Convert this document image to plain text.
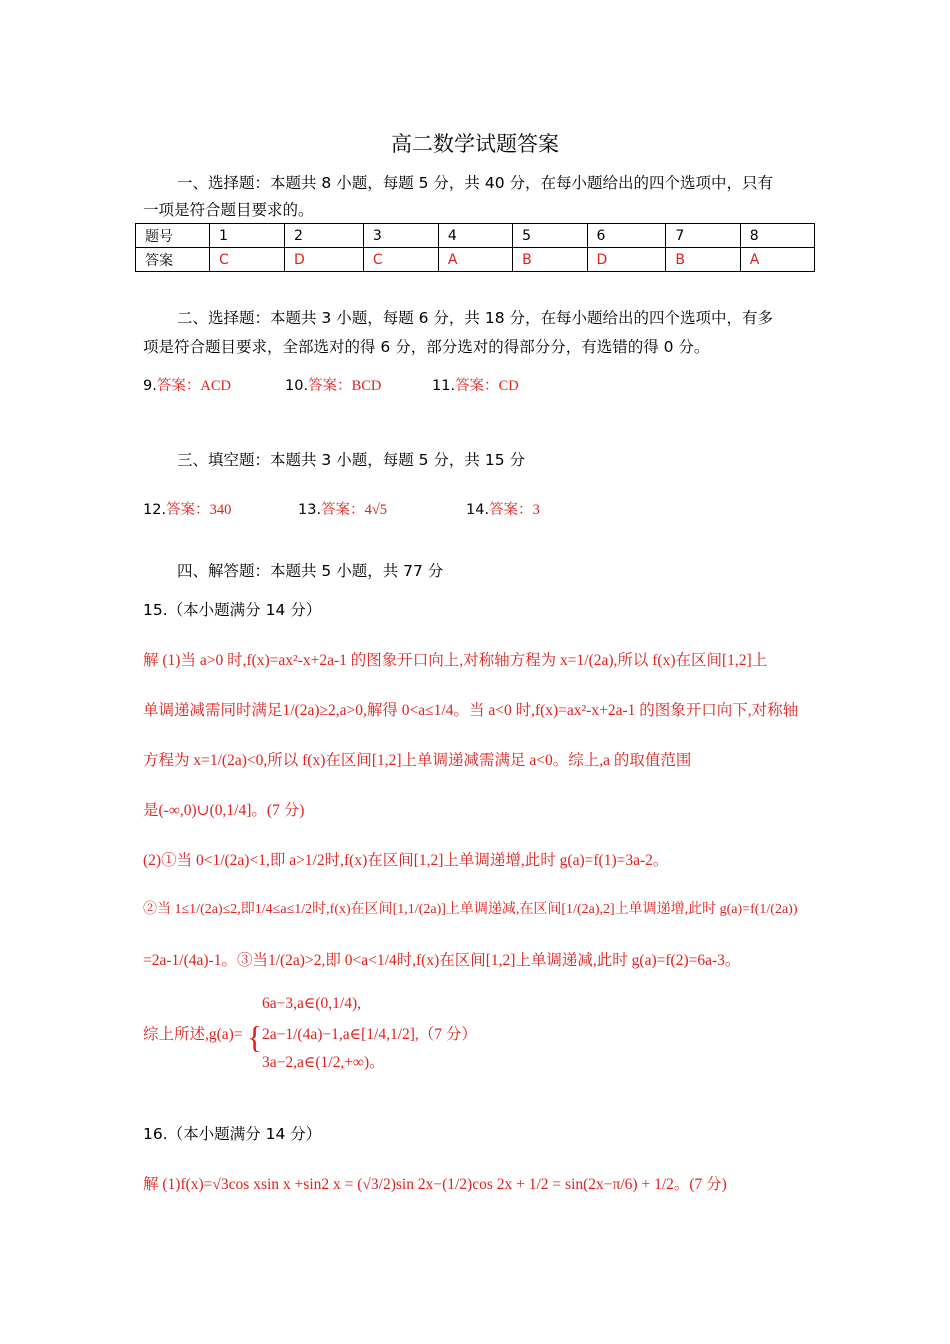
高二数学试题答案
一、选择题：本题共 8 小题，每题 5 分，共 40 分，在每小题给出的四个选项中，只有
一项是符合题目要求的。
题号	1	2	3	4	5	6	7	8
答案	C	D	C	A	B	D	B	A
二、选择题：本题共 3 小题，每题 6 分，共 18 分，在每小题给出的四个选项中，有多
项是符合题目要求，全部选对的得 6 分，部分选对的得部分分，有选错的得 0 分。
9.答案：ACD	10.答案：BCD	11.答案：CD
三、填空题：本题共 3 小题，每题 5 分，共 15 分
12.答案：340	13.答案：4√5	14.答案：3
四、解答题：本题共 5 小题，共 77 分
15.（本小题满分 14 分）
解 (1)当 a>0 时,f(x)=ax²-x+2a-1 的图象开口向上,对称轴方程为 x=1/(2a),所以 f(x)在区间[1,2]上
单调递减需同时满足1/(2a)≥2,a>0,解得 0<a≤1/4。当 a<0 时,f(x)=ax²-x+2a-1 的图象开口向下,对称轴
方程为 x=1/(2a)<0,所以 f(x)在区间[1,2]上单调递减需满足 a<0。综上,a 的取值范围
是(-∞,0)∪(0,1/4]。(7 分)
(2)①当 0<1/(2a)<1,即 a>1/2时,f(x)在区间[1,2]上单调递增,此时 g(a)=f(1)=3a-2。
②当 1≤1/(2a)≤2,即1/4≤a≤1/2时,f(x)在区间[1,1/(2a)]上单调递减,在区间[1/(2a),2]上单调递增,此时 g(a)=f(1/(2a))
=2a-1/(4a)-1。③当1/(2a)>2,即 0<a<1/4时,f(x)在区间[1,2]上单调递减,此时 g(a)=f(2)=6a-3。
综上所述,g(a)= {
6a−3,a∈(0,1/4),
2a−1/(4a)−1,a∈[1/4,1/2],（7 分）
3a−2,a∈(1/2,+∞)。
16.（本小题满分 14 分）
解 (1)f(x)=√3cos xsin x +sin2 x = (√3/2)sin 2x−(1/2)cos 2x + 1/2 = sin(2x−π/6) + 1/2。(7 分)
